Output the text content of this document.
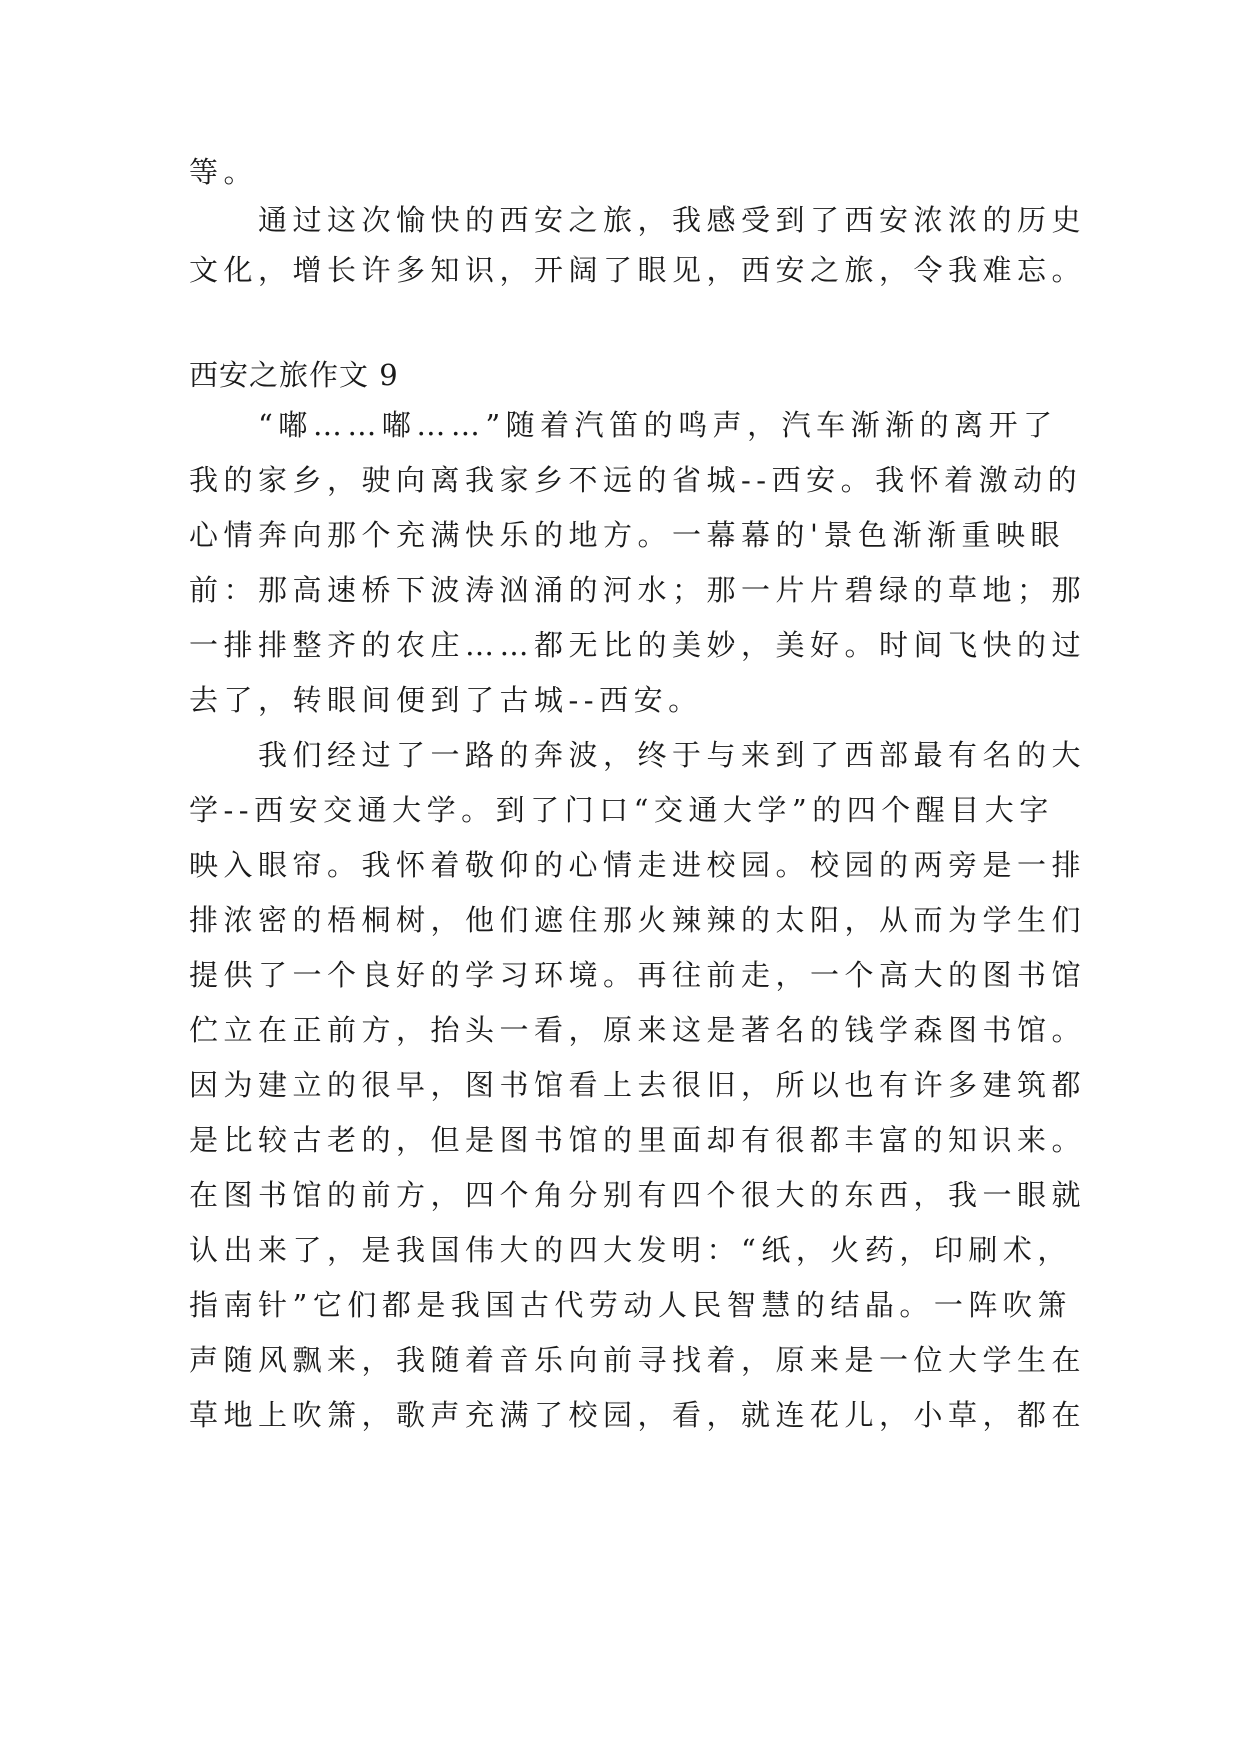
等。
通过这次愉快的西安之旅，我感受到了西安浓浓的历史
文化，增长许多知识，开阔了眼见，西安之旅，令我难忘。
西安之旅作文 9
“嘟……嘟……”随着汽笛的鸣声，汽车渐渐的离开了
我的家乡，驶向离我家乡不远的省城--西安。我怀着激动的
心情奔向那个充满快乐的地方。一幕幕的'景色渐渐重映眼
前：那高速桥下波涛汹涌的河水；那一片片碧绿的草地；那
一排排整齐的农庄……都无比的美妙，美好。时间飞快的过
去了，转眼间便到了古城--西安。
我们经过了一路的奔波，终于与来到了西部最有名的大
学--西安交通大学。到了门口“交通大学”的四个醒目大字
映入眼帘。我怀着敬仰的心情走进校园。校园的两旁是一排
排浓密的梧桐树，他们遮住那火辣辣的太阳，从而为学生们
提供了一个良好的学习环境。再往前走，一个高大的图书馆
伫立在正前方，抬头一看，原来这是著名的钱学森图书馆。
因为建立的很早，图书馆看上去很旧，所以也有许多建筑都
是比较古老的，但是图书馆的里面却有很都丰富的知识来。
在图书馆的前方，四个角分别有四个很大的东西，我一眼就
认出来了，是我国伟大的四大发明：“纸，火药，印刷术，
指南针”它们都是我国古代劳动人民智慧的结晶。一阵吹箫
声随风飘来，我随着音乐向前寻找着，原来是一位大学生在
草地上吹箫，歌声充满了校园，看，就连花儿，小草，都在
